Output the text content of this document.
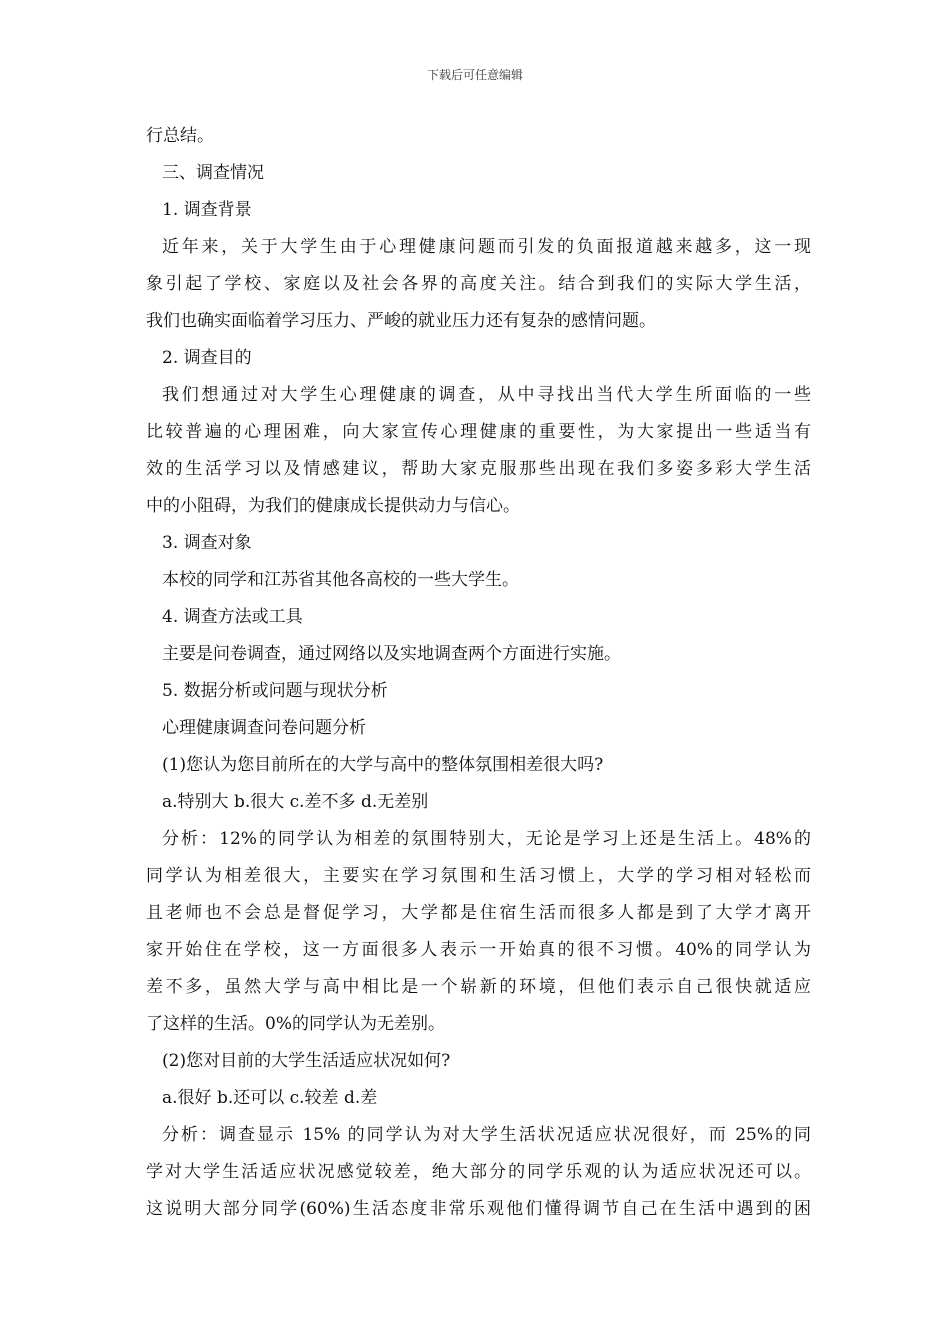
下载后可任意编辑
行总结。
三、调查情况
1. 调查背景
近年来，关于大学生由于心理健康问题而引发的负面报道越来越多，这一现
象引起了学校、家庭以及社会各界的高度关注。结合到我们的实际大学生活，
我们也确实面临着学习压力、严峻的就业压力还有复杂的感情问题。
2. 调查目的
我们想通过对大学生心理健康的调查，从中寻找出当代大学生所面临的一些
比较普遍的心理困难，向大家宣传心理健康的重要性，为大家提出一些适当有
效的生活学习以及情感建议，帮助大家克服那些出现在我们多姿多彩大学生活
中的小阻碍，为我们的健康成长提供动力与信心。
3. 调查对象
本校的同学和江苏省其他各高校的一些大学生。
4. 调查方法或工具
主要是问卷调查，通过网络以及实地调查两个方面进行实施。
5. 数据分析或问题与现状分析
心理健康调查问卷问题分析
(1)您认为您目前所在的大学与高中的整体氛围相差很大吗?
a.特别大 b.很大 c.差不多 d.无差别
分析：12%的同学认为相差的氛围特别大，无论是学习上还是生活上。48%的
同学认为相差很大，主要实在学习氛围和生活习惯上，大学的学习相对轻松而
且老师也不会总是督促学习，大学都是住宿生活而很多人都是到了大学才离开
家开始住在学校，这一方面很多人表示一开始真的很不习惯。40%的同学认为
差不多，虽然大学与高中相比是一个崭新的环境，但他们表示自己很快就适应
了这样的生活。0%的同学认为无差别。
(2)您对目前的大学生活适应状况如何?
a.很好 b.还可以 c.较差 d.差
分析：调查显示 15% 的同学认为对大学生活状况适应状况很好，而 25%的同
学对大学生活适应状况感觉较差，绝大部分的同学乐观的认为适应状况还可以。
这说明大部分同学(60%)生活态度非常乐观他们懂得调节自己在生活中遇到的困
